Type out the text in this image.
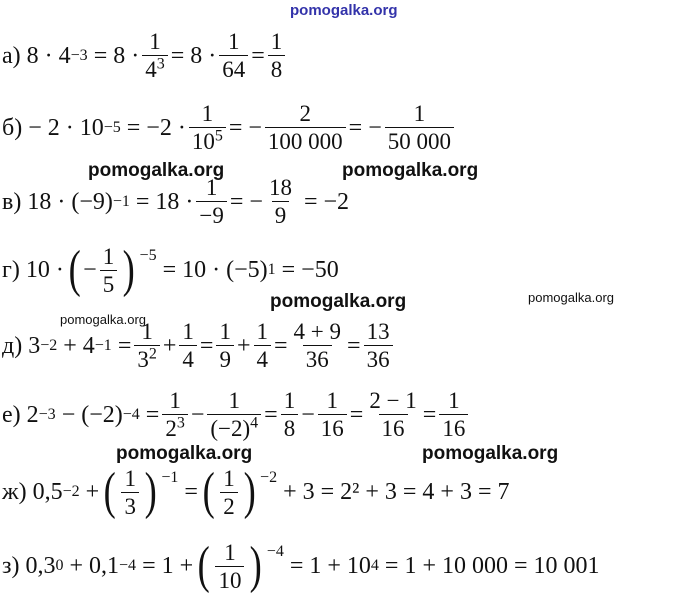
pomogalka.org
pomogalka.org	pomogalka.org
pomogalka.org	pomogalka.org
pomogalka.org
pomogalka.org	pomogalka.org
а)
8 · 4 −3
= $8 \cdot \frac{1}{4^3} = 8 \cdot \frac{1}{64} = \frac{1}{8}$
б)
− 2 · 10 −5
= $-2 \cdot \frac{1}{10^5}$ = − $\frac{2}{100 000}$ = − $\frac{1}{50 000}$
в)
18 · (−9) −1
= $18 \cdot \frac{1}{-9}$ = − $\frac{18}{9}$
= −2
г)
10 · ( − $\frac{1}{5}$ ) $^{-5}$

= 10 · (−5) 1
= −50
д)
3 −2
+ 4 −1
= $\frac{1}{3^2} + \frac{1}{4} = \frac{1}{9} + \frac{1}{4} = \frac{4 + 9}{36} = \frac{13}{36}$
е)
2 −3
− (−2) −4
= $\frac{1}{2^3} - \frac{1}{(-2)^4} = \frac{1}{8} - \frac{1}{16} = \frac{2 - 1}{16} = \frac{1}{16}$
ж)
0,5 −2
+ ( $\frac{1}{3}$ ) $^{-1}$

= ( $\frac{1}{2}$ ) $^{-2}$

+ 3 = 2² + 3 = 4 + 3 = 7
з)
0,3 0
+ 0,1 −4
= 1 + ( $\frac{1}{10}$ ) $^{-4}$

= 1 + 10 4
= 1 + 10 000 = 10 001
